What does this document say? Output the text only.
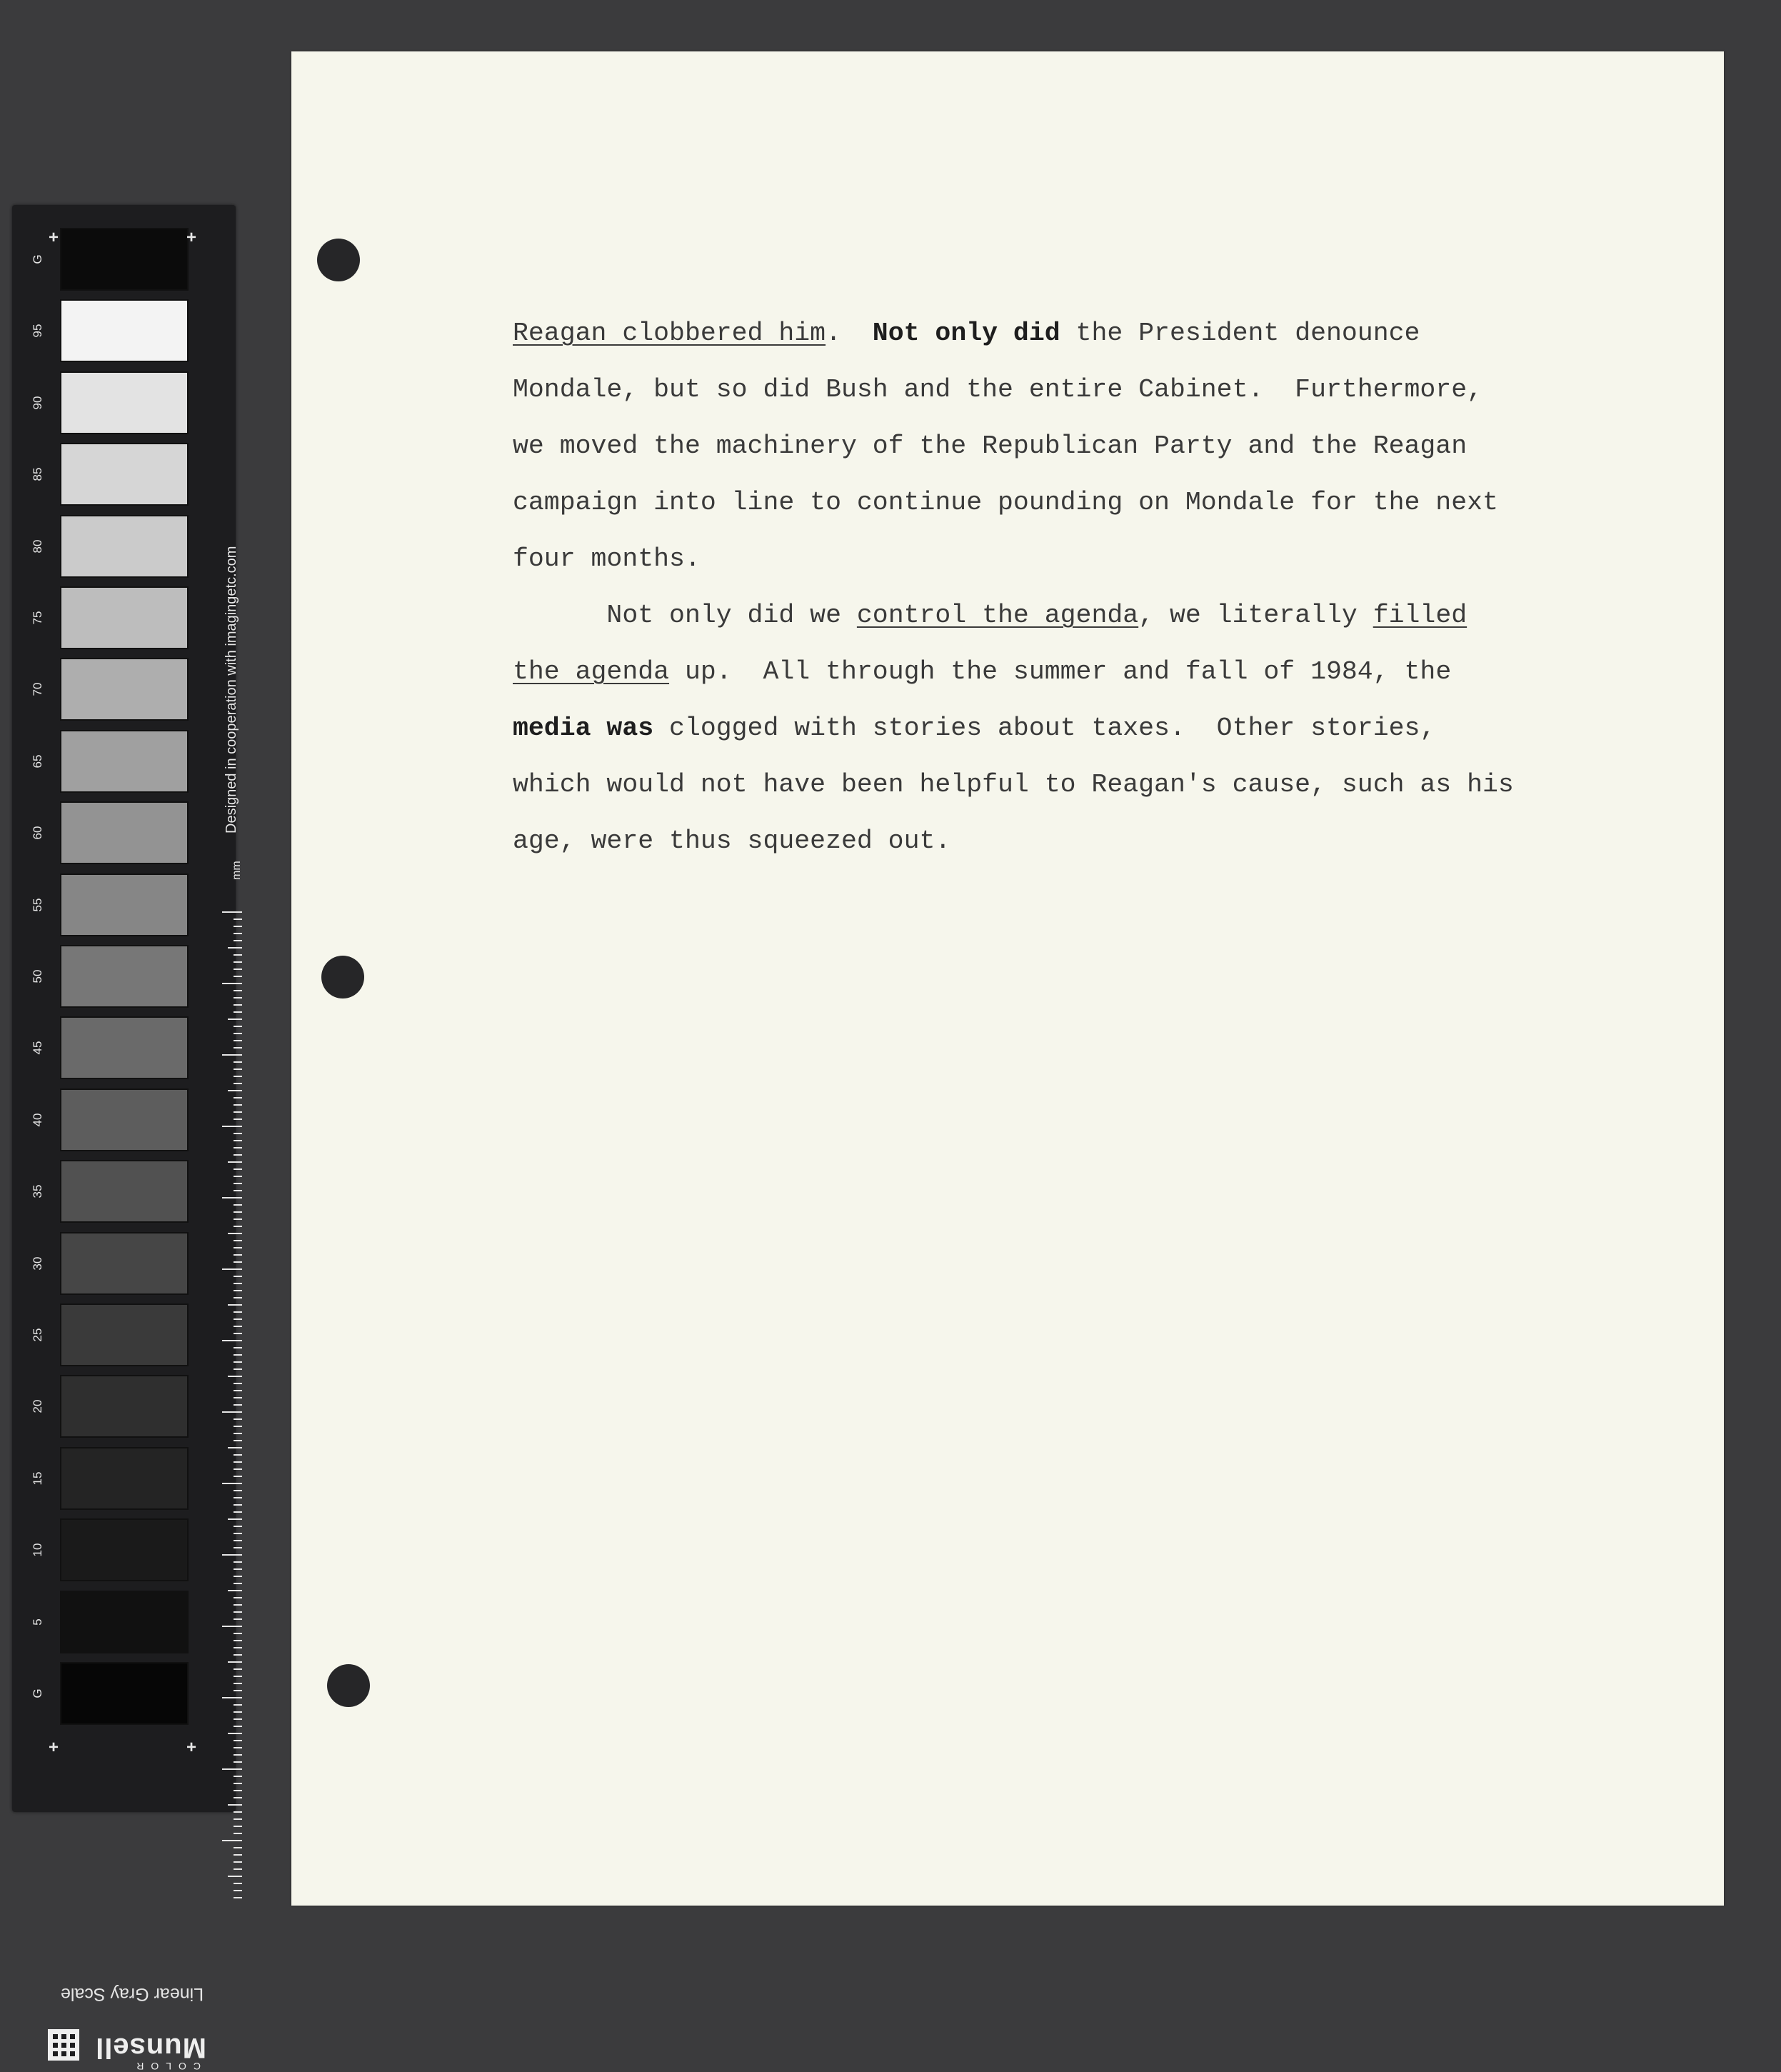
G
95
90
85
80
75
70
65
60
55
50
45
40
35
30
25
20
15
10
5
G
+	+
+	+
Designed in cooperation with imagingetc.com
mm
Linear Gray Scale
COLOR
Munsell
Reagan clobbered him.  Not only did the President denounce
Mondale, but so did Bush and the entire Cabinet.  Furthermore,
we moved the machinery of the Republican Party and the Reagan
campaign into line to continue pounding on Mondale for the next
four months.
Not only did we control the agenda, we literally filled
the agenda up.  All through the summer and fall of 1984, the
media was clogged with stories about taxes.  Other stories,
which would not have been helpful to Reagan's cause, such as his
age, were thus squeezed out.
